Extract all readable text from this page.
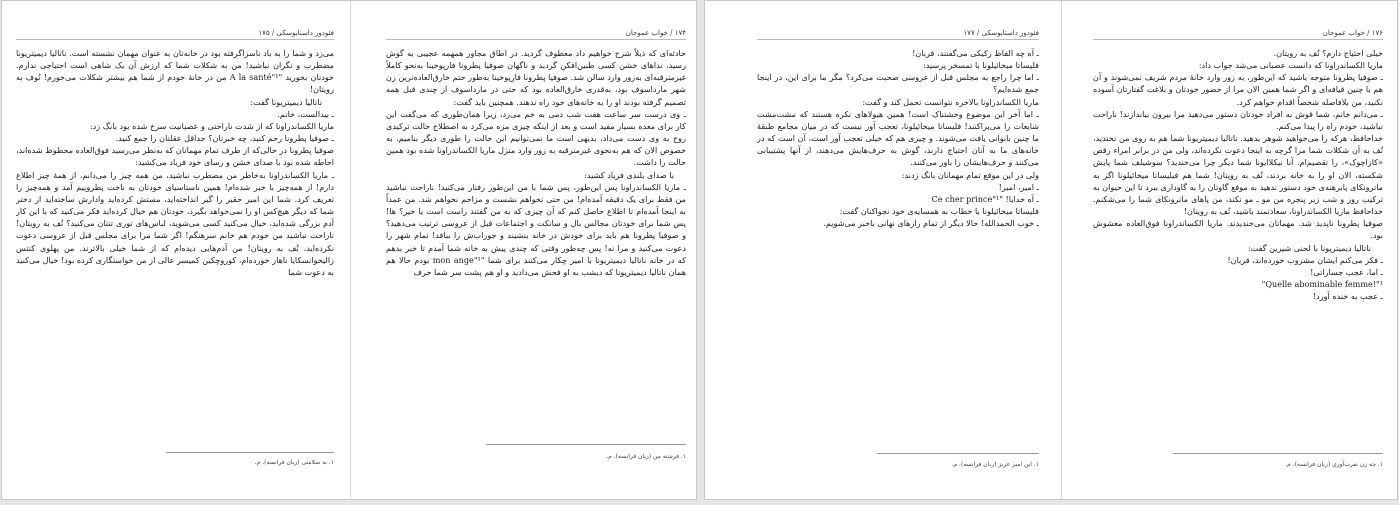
فئودور داستایوسکی / ۱۷۵

می‌زد و شما را به باد ناسزاگرفته بود در خانه‌تان به عنوان مهمان نشسته است. ناتالیا دیمیتریونا مضطرب و نگران نباشید! من به شکلات شما که ارزش آن یک شاهی است احتیاجی ندارم. خودتان بخورید "A la santé"¹ من در خانهٔ خودم از شما هم بیشتر شکلات می‌خورم! تُوف به رویتان!

ناتالیا دیمیتریونا گفت:

ـ بیدالست، خانم.

ماریا الکساندراونا که از شدت ناراحتی و عصبانیت سرخ شده بود بانگ زد:

ـ صوفیا پطرونا رحم کنید، چه خبرتان؟ حداقل عقلتان را جمع کنید.

صوفیا پطرونا در حالی‌که از طرف تمام مهمانان که به‌نظر می‌رسید فوق‌العاده محظوظ شده‌اند، احاطه شده بود با صدای خشن و رسای خود فریاد می‌کشید:

ـ ماریا الکساندراونا به‌خاطر من مضطرب نباشید، من همه چیز را می‌دانم، از همهٔ چیز اطلاع دارم! از همه‌چیز با خبر شده‌ام! همین ناستاسیای خودتان به ناخت پطروپیم آمد و همه‌چیز را تعریف کرد. شما این امیر حقیر را گیر انداخته‌اید، مستش کرده‌اید وادارش ساخته‌اید از دختر شما که دیگر هیچ‌کس او را نمی‌خواهد بگیرد، خودتان هم خیال کرده‌اید فکر می‌کنید که با این کار آدم بزرگی شده‌اید، خیال می‌کنید کسی می‌شوید، لباس‌های توری تنتان می‌کنید؟ تُف به رویتان! ناراحت نباشید من خودم هم خانم سرهنگم! اگر شما مرا برای مجلس قبل از عروسی دعوت نکرده‌اید، تُف به رویتان! من آدم‌هایی دیده‌ام که از شما خیلی بالاترند. من پهلوی کنتس زالیخوانسکایا ناهار خورده‌ام، کوروچکین کمیسر عالی از من خواستگاری کرده بود! خیال می‌کنید به دعوت شما

۱. به سلامتی (زبان فرانسه). م.
۱۷۴ / خواب عموجان

حادثه‌ای که ذیلاً شرح خواهیم داد معطوف گردید. در اطاق مجاور همهمه عجیبی به گوش رسید، ندا‌های خشن کسی طنین‌افکن گردید و ناگهان صوفیا پطرونا فارپوخینا به‌نحو کاملاً غیرمترقبه‌ای به‌زور وارد سالن شد. صوفیا پطرونا فارپوخینا به‌طور حتم خارق‌العاده‌ترین زن شهر ماردا‌سوف بود، به‌قدری خارق‌العاده بود که حتی در ماردا‌سوف از چندی قبل همه تصمیم گرفته بودند او را به خانه‌های خود راه ندهند. همچنین باید گفت:

ـ وی درست سر ساعت هفت شب دمی به خم می‌زد، زیرا همان‌طوری که می‌گفت این کار برای معده بسیار مفید است و بعد از اینکه چیزی مزه می‌کرد به اصطلاح حالت ترکیدی روح به وی دست می‌داد، بدیهی است ما نمی‌توانیم این حالت را طوری دیگر بنامیم. به خصوص الان که هم به‌نحوی غیرمترقبه به زور وارد منزل ماریا الکساندراونا شده بود همین حالت را داشت.

با صدای بلندی فریاد کشید:

ـ ماریا الکساندراونا پس این‌طور، پس شما با من این‌طور رفتار می‌کنید! ناراحت نباشید من فقط برای یک دقیقه آمده‌ام! من حتی نخواهم نشست و مزاحم نخواهم شد. من عمداً به اینجا آمده‌ام تا اطلاع حاصل کنم که آن چیزی که به من گفتند راست است یا خیر؟ ها! پس شما برای خودتان مجالس بال و سانکت و اجتماعات قبل از عروسی ترتیب می‌دهید؟ و صوفیا پطرونا هم باید برای خودش در خانه بنشیند و جوراب‌ش را ببافد! تمام شهر را دعوت می‌کنید و مرا نه! پس چه‌طور وقتی که چندی پیش به خانه شما آمدم تا خبر بدهم که در خانه ناتالیا دیمیتریونا با امیر چکار می‌کنند برای شما "mon ange"¹ بودم حالا هم همان ناتالیا دیمیتریونا که دیشب به او فحش می‌دادید و او هم پشت سر شما حرف

۱. فرشته من (زبان فرانسه). م.
فئودور داستایوسکی / ۱۷۷

ـ آه چه الفاظ رکیکی می‌گفتند، قربان!

فلیساتا میخائیلونا با تمسخر پرسید:

ـ اما چرا راجع به مجلس قبل از عروسی صحبت می‌کرد؟ مگر ما برای این، در اینجا جمع شده‌ایم؟

ماریا الکساندراونا بالاخره نتوانست تحمل کند و گفت:

ـ اما آخر این موضوع وحشتناک است! همین هیولاهای نکره هستند که مشت‌مشت شایعات را می‌پراکنند! فلیساتا میخائیلونا، تعجب آور نیست که در میان مجامع طبقهٔ ما چنین بانوانی یافت می‌شوند. و چیزی هم که خیلی تعجب آور است، آن است که در خانه‌های ما به آنان احتیاج دارند، گوش به حرف‌هایش می‌دهند، از آنها پشتیبانی می‌کنند و حرف‌هایشان را باور می‌کنند.

ولی در این موقع تمام مهمانان بانگ زدند:

ـ امیر، امیر!

ـ آه خدایا! "Ce cher prince"¹

فلیساتا میخائیلونا با خطاب به همسایه‌ی خود نجوا‌کنان گفت:

ـ خوب الحمدالله! حالا دیگر از تمام رازهای نهانی باخبر می‌شویم.

۱. این امیر عزیز (زبان فرانسه). م.
۱۷۶ / خواب عموجان

خیلی احتیاج دارم؟ تُف به رویتان.

ماریا الکساندراونا که دانست عصبانی می‌شد جواب داد:

ـ صوفیا پطرونا متوجه باشید که این‌طور، به زور وارد خانهٔ مردم شریف نمی‌شوند و آن هم با چنین قیافه‌ای و اگر شما همین الان مرا از حضور خودتان و بلاغت گفتارتان آسوده نکنید، من بلافاصله شخصاً اقدام خواهم کرد.

ـ می‌دانم خانم، شما قوش به افراد خودتان دستور می‌دهید مرا بیرون بیاندازند! ناراحت نباشید، خودم راه را پیدا می‌کنم.

خداحافظ، هرکه را می‌خواهید شوهر بدهید. ناتالیا دیمیتریونا شما هم به روی من نخندید، تُف به آن شکلات شما مرا گرچه به اینجا دعوت نکرده‌اند، ولی من در برابر امراء رقص «کازاچوک»، را تقصیم‌ام. آنا نیکلاایونا شما دیگر چرا می‌خندید؟ سوشیلف شما پایش شکسته، الان او را به خانه بردند، تُف به رویتان! شما هم فیلیساتا میخائیلونا اگر به ماترونکای پابرهنه‌ی خود دستور ندهید به موقع گاوتان را به گاوداری ببرد تا این حیوان به ترکیب روز و شب زیر پنجره من مو ـ مو نکند، من پاهای ماترونکای شما را می‌شکنم. خداحافظ ماریا الکساندراونا، سعادتمند باشید، تُف به رویتان!

صوفیا پطرونا ناپدید شد. مهمانان می‌خندیدند. ماریا الکساندراونا فوق‌العاده مغشوش بود.

ناتالیا دیمیتریونا با لحنی شیرین گفت:

ـ فکر می‌کنم ایشان مشروب خورده‌اند، قربان!

ـ اما، عجب جساراتی!

"Quelle abominable femme!"¹

ـ عجب به خنده آورد!

۱. چه زن نفرت‌آوری (زبان فرانسه). م.
